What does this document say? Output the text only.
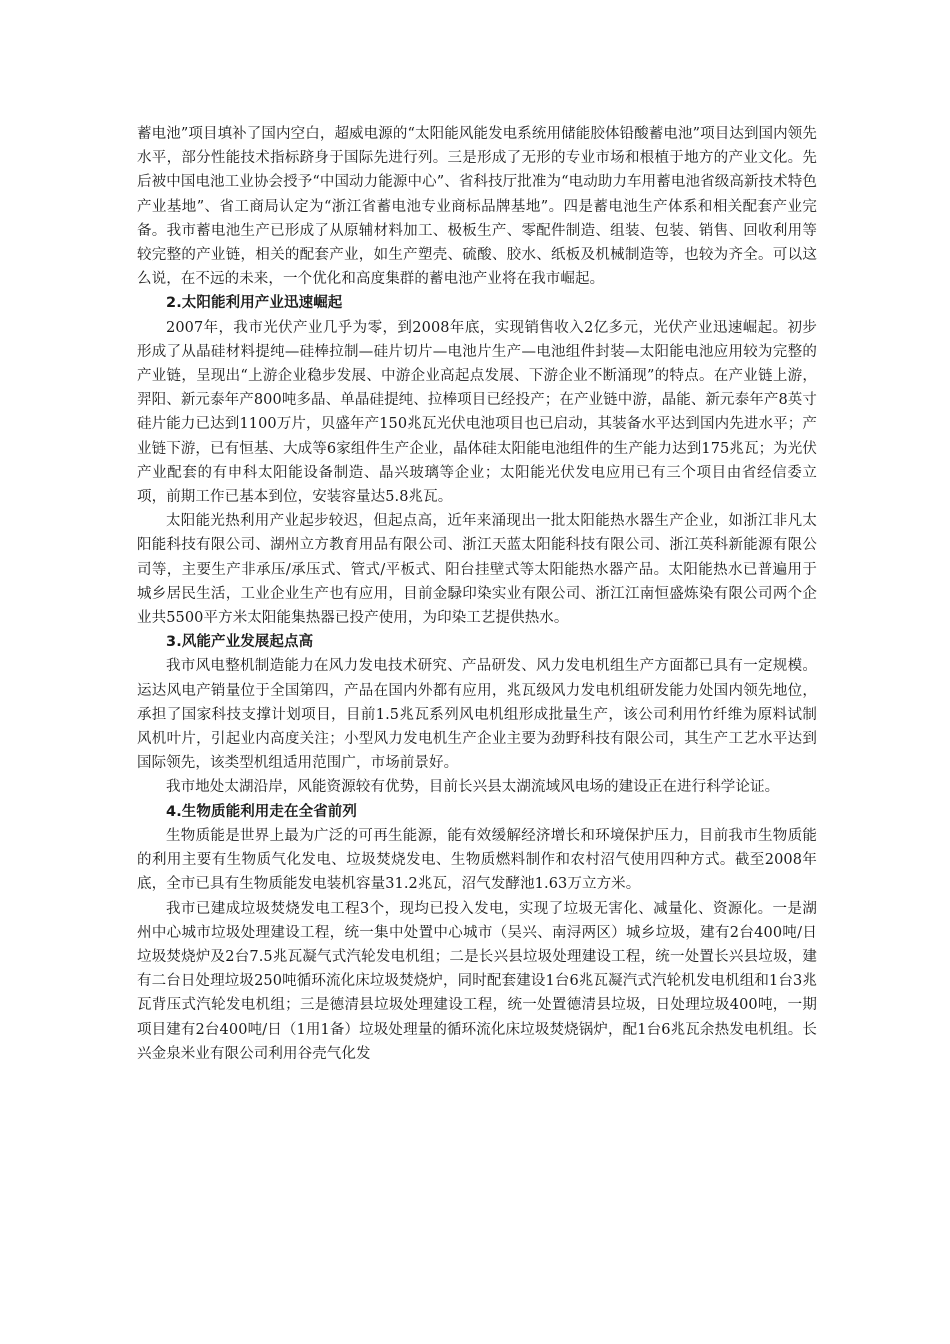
蓄电池”项目填补了国内空白，超威电源的“太阳能风能发电系统用储能胶体铅酸蓄电池”项目达到国内领先水平，部分性能技术指标跻身于国际先进行列。三是形成了无形的专业市场和根植于地方的产业文化。先后被中国电池工业协会授予“中国动力能源中心”、省科技厅批准为“电动助力车用蓄电池省级高新技术特色产业基地”、省工商局认定为“浙江省蓄电池专业商标品牌基地”。四是蓄电池生产体系和相关配套产业完备。我市蓄电池生产已形成了从原辅材料加工、极板生产、零配件制造、组装、包装、销售、回收利用等较完整的产业链，相关的配套产业，如生产塑壳、硫酸、胶水、纸板及机械制造等，也较为齐全。可以这么说，在不远的未来，一个优化和高度集群的蓄电池产业将在我市崛起。

2.太阳能利用产业迅速崛起

2007年，我市光伏产业几乎为零，到2008年底，实现销售收入2亿多元，光伏产业迅速崛起。初步形成了从晶硅材料提纯—硅棒拉制—硅片切片—电池片生产—电池组件封装—太阳能电池应用较为完整的产业链，呈现出“上游企业稳步发展、中游企业高起点发展、下游企业不断涌现”的特点。在产业链上游，羿阳、新元泰年产800吨多晶、单晶硅提纯、拉棒项目已经投产；在产业链中游，晶能、新元泰年产8英寸硅片能力已达到1100万片，贝盛年产150兆瓦光伏电池项目也已启动，其装备水平达到国内先进水平；产业链下游，已有恒基、大成等6家组件生产企业，晶体硅太阳能电池组件的生产能力达到175兆瓦；为光伏产业配套的有申科太阳能设备制造、晶兴玻璃等企业；太阳能光伏发电应用已有三个项目由省经信委立项，前期工作已基本到位，安装容量达5.8兆瓦。

太阳能光热利用产业起步较迟，但起点高，近年来涌现出一批太阳能热水器生产企业，如浙江非凡太阳能科技有限公司、湖州立方教育用品有限公司、浙江天蓝太阳能科技有限公司、浙江英科新能源有限公司等，主要生产非承压/承压式、管式/平板式、阳台挂壁式等太阳能热水器产品。太阳能热水已普遍用于城乡居民生活，工业企业生产也有应用，目前金騄印染实业有限公司、浙江江南恒盛炼染有限公司两个企业共5500平方米太阳能集热器已投产使用，为印染工艺提供热水。

3.风能产业发展起点高

我市风电整机制造能力在风力发电技术研究、产品研发、风力发电机组生产方面都已具有一定规模。运达风电产销量位于全国第四，产品在国内外都有应用，兆瓦级风力发电机组研发能力处国内领先地位，承担了国家科技支撑计划项目，目前1.5兆瓦系列风电机组形成批量生产，该公司利用竹纤维为原料试制风机叶片，引起业内高度关注；小型风力发电机生产企业主要为劲野科技有限公司，其生产工艺水平达到国际领先，该类型机组适用范围广，市场前景好。

我市地处太湖沿岸，风能资源较有优势，目前长兴县太湖流域风电场的建设正在进行科学论证。

4.生物质能利用走在全省前列

生物质能是世界上最为广泛的可再生能源，能有效缓解经济增长和环境保护压力，目前我市生物质能的利用主要有生物质气化发电、垃圾焚烧发电、生物质燃料制作和农村沼气使用四种方式。截至2008年底，全市已具有生物质能发电装机容量31.2兆瓦，沼气发酵池1.63万立方米。

我市已建成垃圾焚烧发电工程3个，现均已投入发电，实现了垃圾无害化、减量化、资源化。一是湖州中心城市垃圾处理建设工程，统一集中处置中心城市（吴兴、南浔两区）城乡垃圾，建有2台400吨/日垃圾焚烧炉及2台7.5兆瓦凝气式汽轮发电机组；二是长兴县垃圾处理建设工程，统一处置长兴县垃圾，建有二台日处理垃圾250吨循环流化床垃圾焚烧炉，同时配套建设1台6兆瓦凝汽式汽轮机发电机组和1台3兆瓦背压式汽轮发电机组；三是德清县垃圾处理建设工程，统一处置德清县垃圾，日处理垃圾400吨，一期项目建有2台400吨/日（1用1备）垃圾处理量的循环流化床垃圾焚烧锅炉，配1台6兆瓦余热发电机组。长兴金泉米业有限公司利用谷壳气化发
